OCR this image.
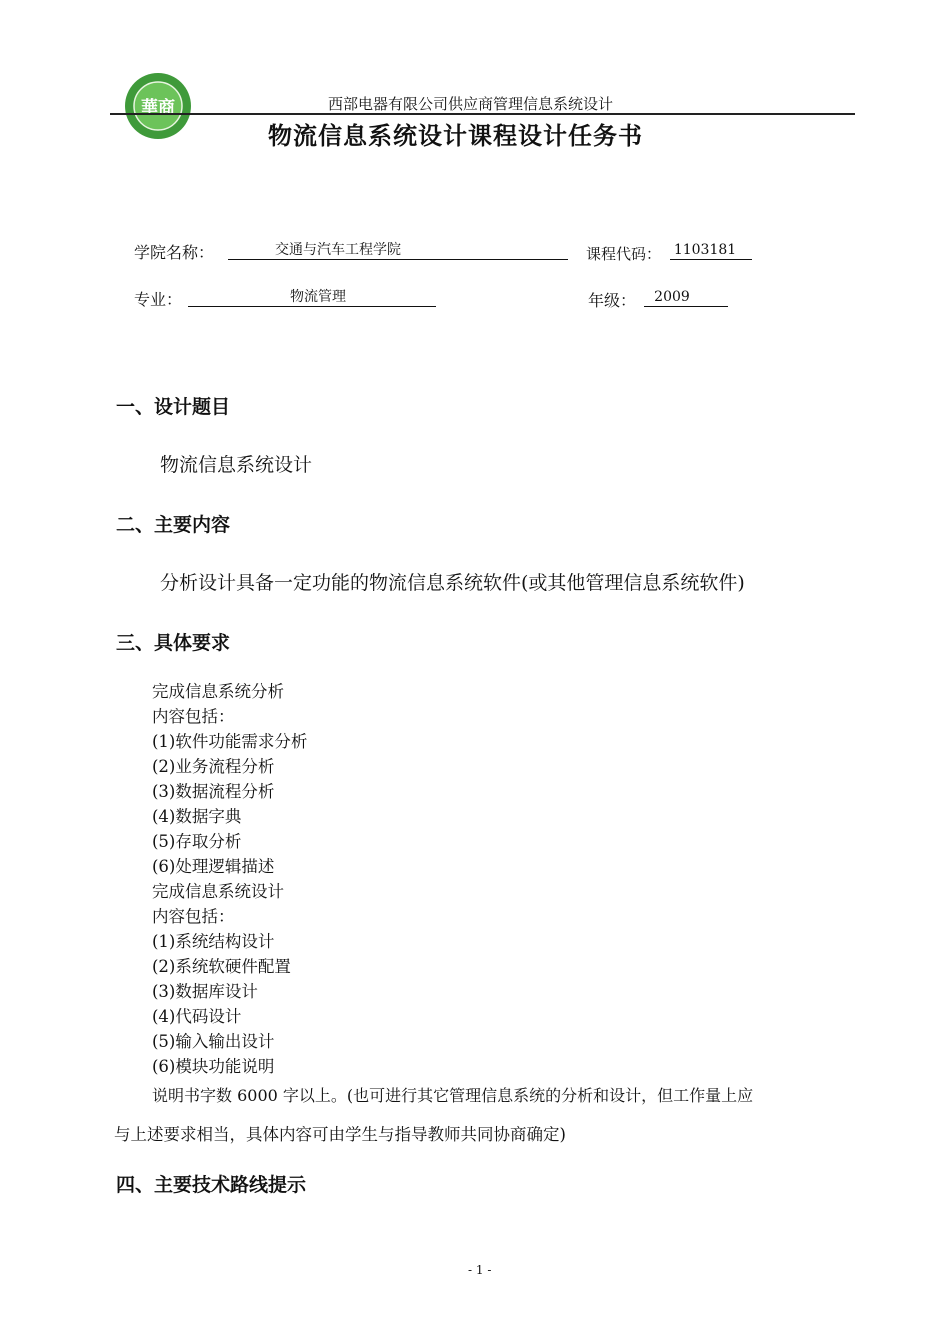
華商	西部电器有限公司供应商管理信息系统设计
物流信息系统设计课程设计任务书
学院名称：	交通与汽车工程学院	课程代码： 1103181
专业：	物流管理	年级：	2009
一、设计题目
物流信息系统设计
二、主要内容
分析设计具备一定功能的物流信息系统软件(或其他管理信息系统软件)
三、具体要求
完成信息系统分析
内容包括：
(1)软件功能需求分析
(2)业务流程分析
(3)数据流程分析
(4)数据字典
(5)存取分析
(6)处理逻辑描述
完成信息系统设计
内容包括：
(1)系统结构设计
(2)系统软硬件配置
(3)数据库设计
(4)代码设计
(5)输入输出设计
(6)模块功能说明
说明书字数 6000 字以上。(也可进行其它管理信息系统的分析和设计，但工作量上应
与上述要求相当，具体内容可由学生与指导教师共同协商确定)
四、主要技术路线提示
- 1 -
